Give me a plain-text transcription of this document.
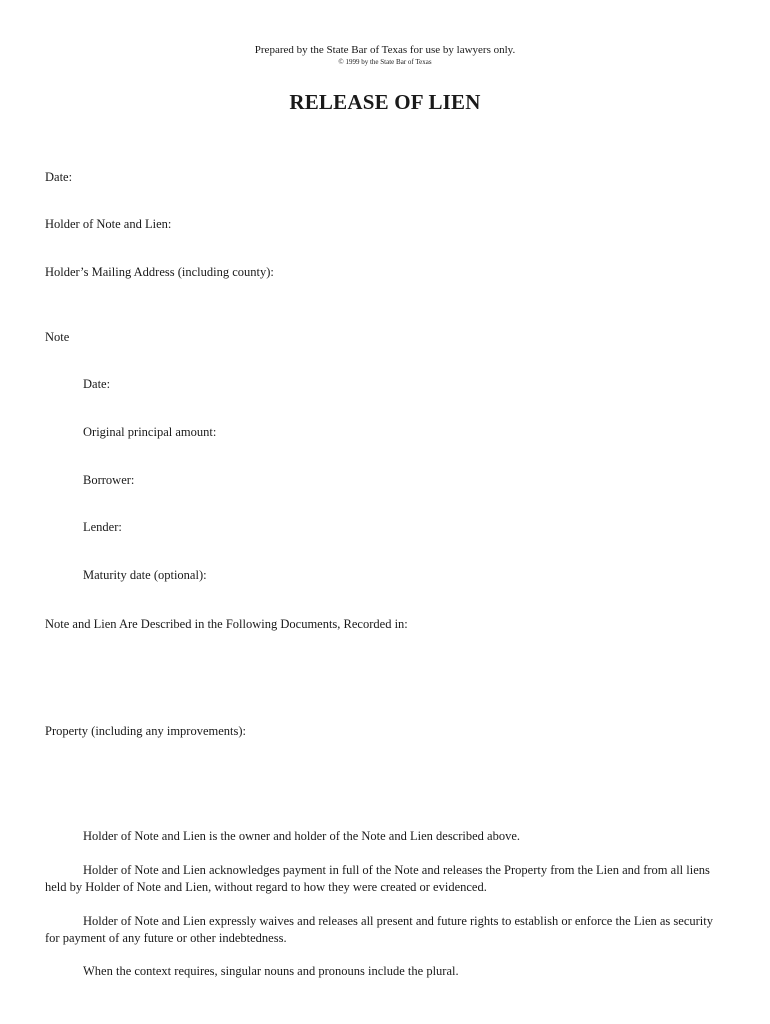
Prepared by the State Bar of Texas for use by lawyers only.
© 1999 by the State Bar of Texas
RELEASE OF LIEN
Date:
Holder of Note and Lien:
Holder’s Mailing Address (including county):
Note
Date:
Original principal amount:
Borrower:
Lender:
Maturity date (optional):
Note and Lien Are Described in the Following Documents, Recorded in:
Property (including any improvements):
Holder of Note and Lien is the owner and holder of the Note and Lien described above.
Holder of Note and Lien acknowledges payment in full of the Note and releases the Property from the Lien and from all liens held by Holder of Note and Lien, without regard to how they were created or evidenced.
Holder of Note and Lien expressly waives and releases all present and future rights to establish or enforce the Lien as security for payment of any future or other indebtedness.
When the context requires, singular nouns and pronouns include the plural.
